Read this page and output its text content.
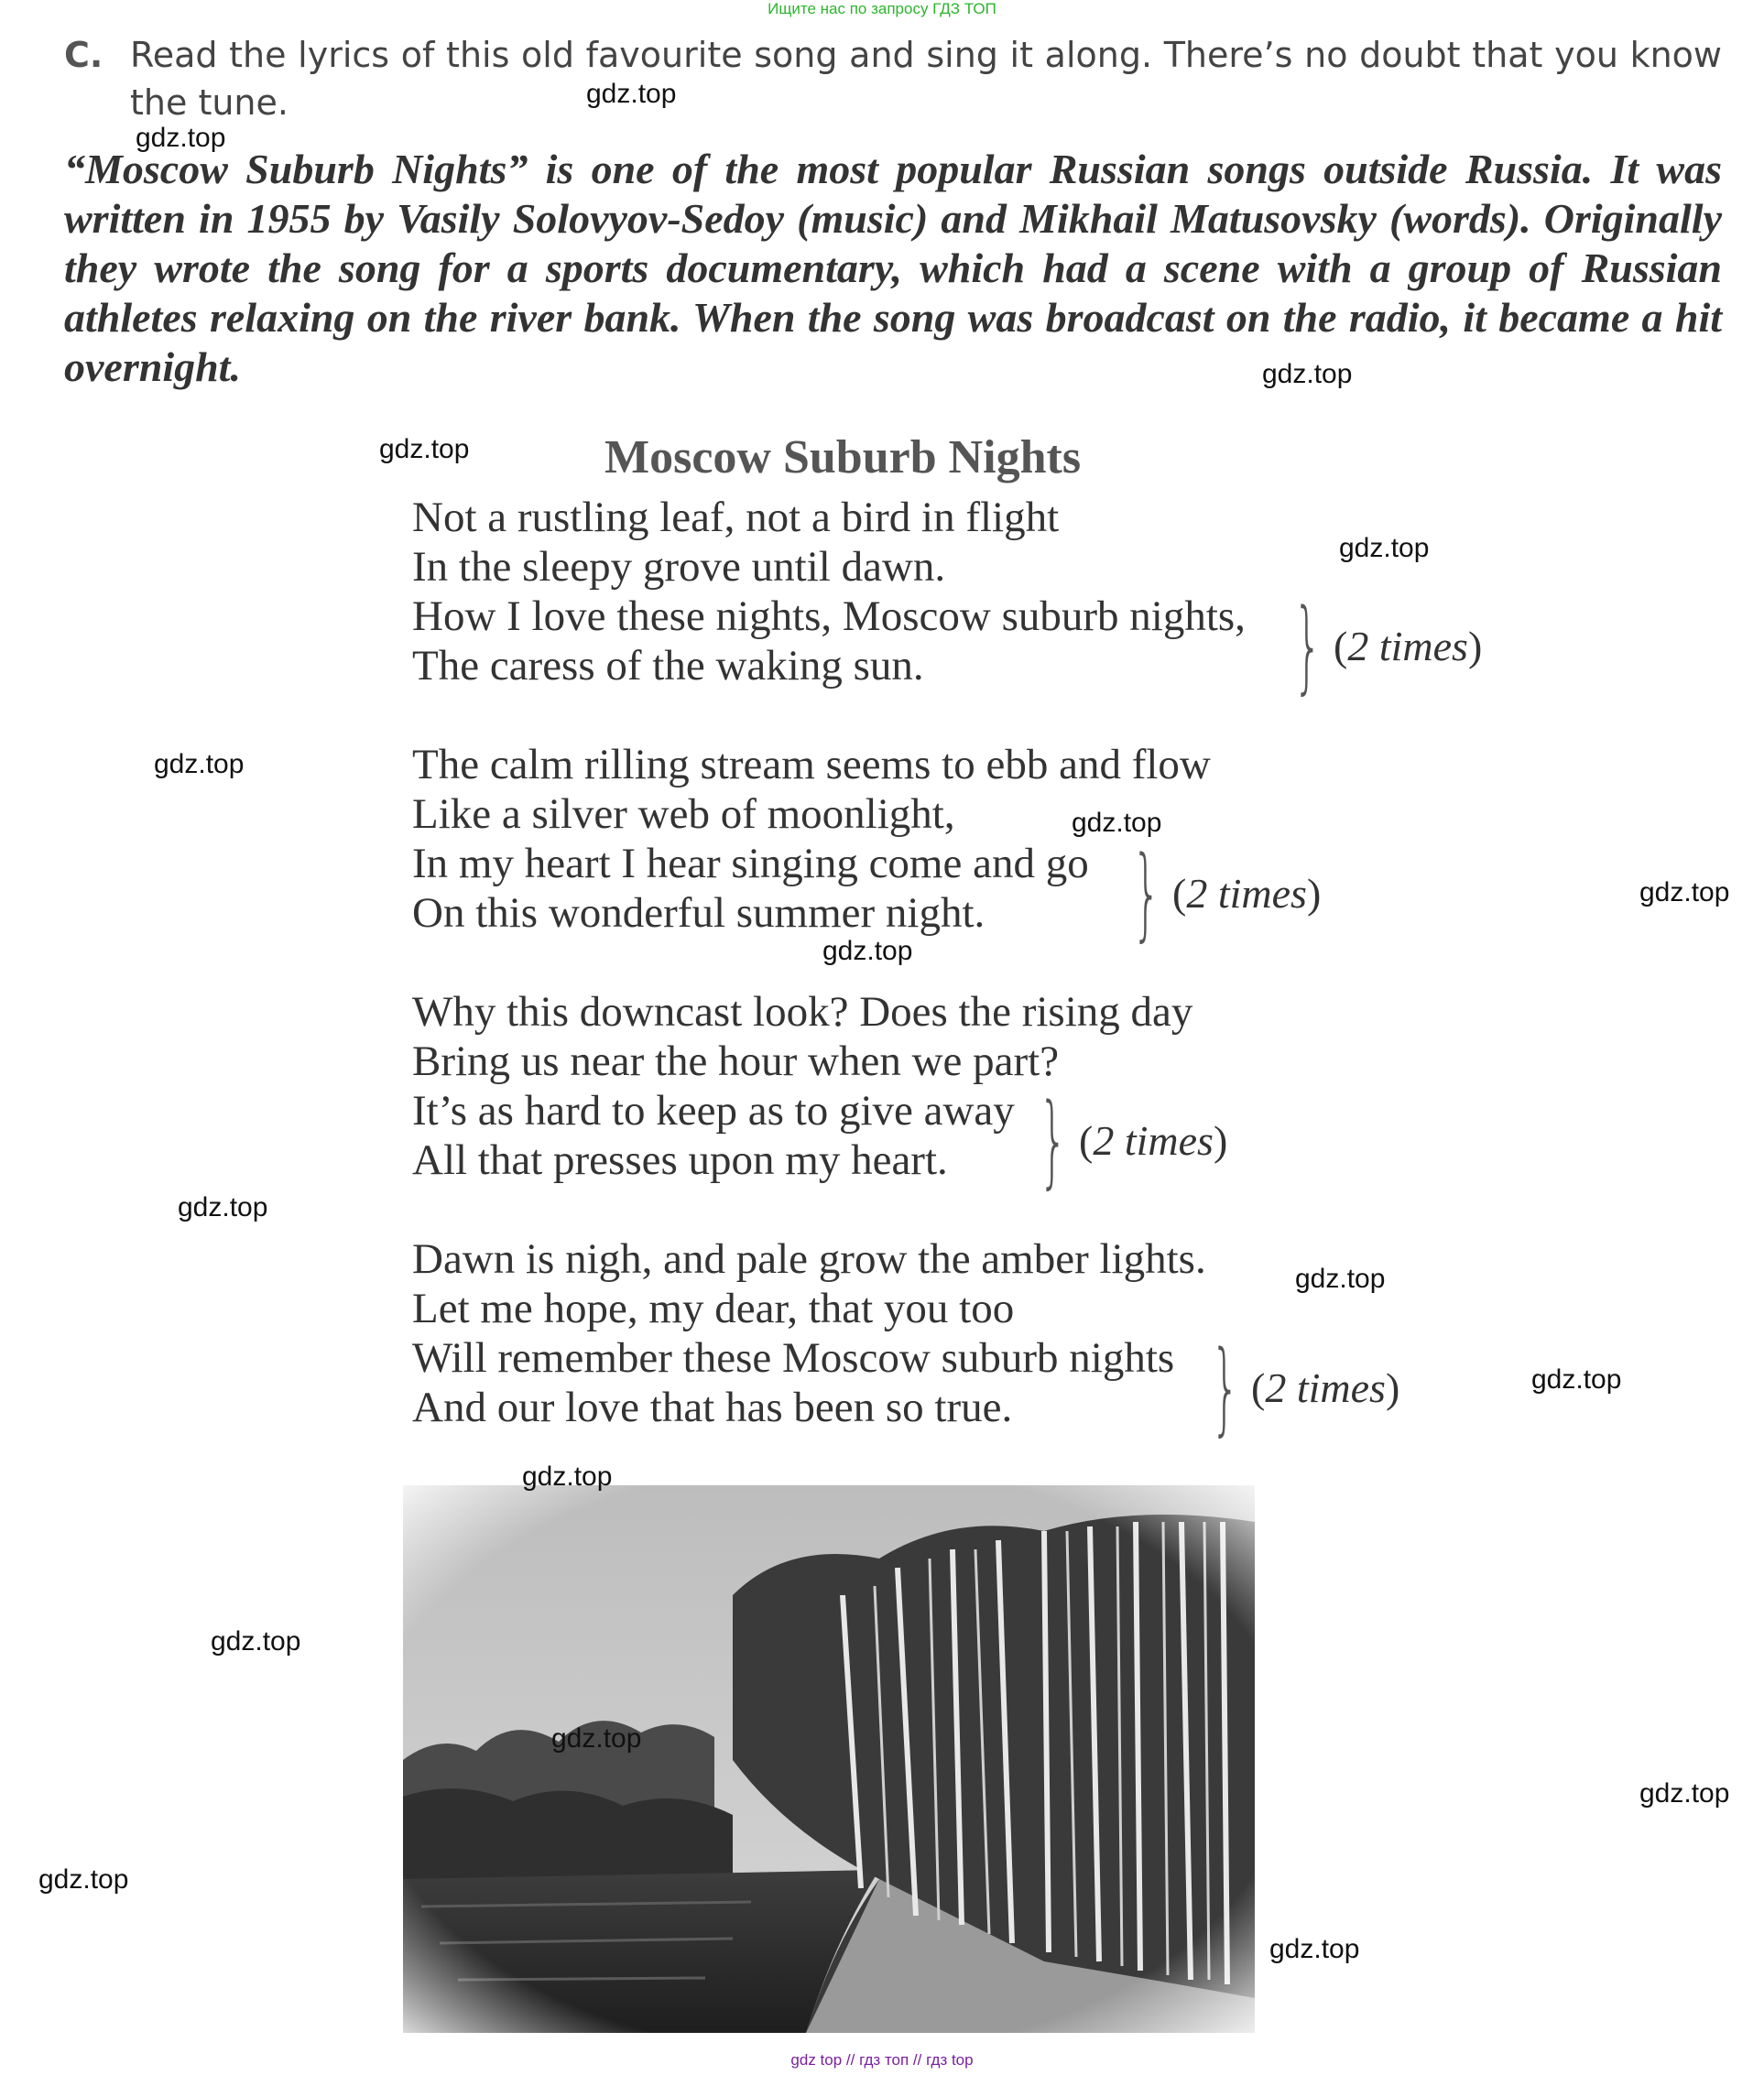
Ищите нас по запросу ГДЗ ТОП
C. Read the lyrics of this old favourite song and sing it along. There’s no doubt that you know the tune.
“Moscow Suburb Nights” is one of the most popular Russian songs outside Russia. It was written in 1955 by Vasily Solovyov-Sedoy (music) and Mikhail Matusovsky (words). Originally they wrote the song for a sports documentary, which had a scene with a group of Russian athletes relaxing on the river bank. When the song was broadcast on the radio, it became a hit overnight.
Moscow Suburb Nights
Not a rustling leaf, not a bird in flight
In the sleepy grove until dawn.
How I love these nights, Moscow suburb nights,
The caress of the waking sun.	} (2 times)
The calm rilling stream seems to ebb and flow
Like a silver web of moonlight,
In my heart I hear singing come and go
On this wonderful summer night.	} (2 times)
Why this downcast look? Does the rising day
Bring us near the hour when we part?
It’s as hard to keep as to give away
All that presses upon my heart. } (2 times)
Dawn is nigh, and pale grow the amber lights.
Let me hope, my dear, that you too
Will remember these Moscow suburb nights
And our love that has been so true.	} (2 times)
gdz.top
gdz.top
gdz.top
gdz.top
gdz.top
gdz.top
gdz.top
gdz.top
gdz.top
gdz.top
gdz.top
gdz.top
gdz.top
gdz.top
gdz.top
gdz.top
gdz.top
gdz.top
gdz top // гдз топ // гдз top
